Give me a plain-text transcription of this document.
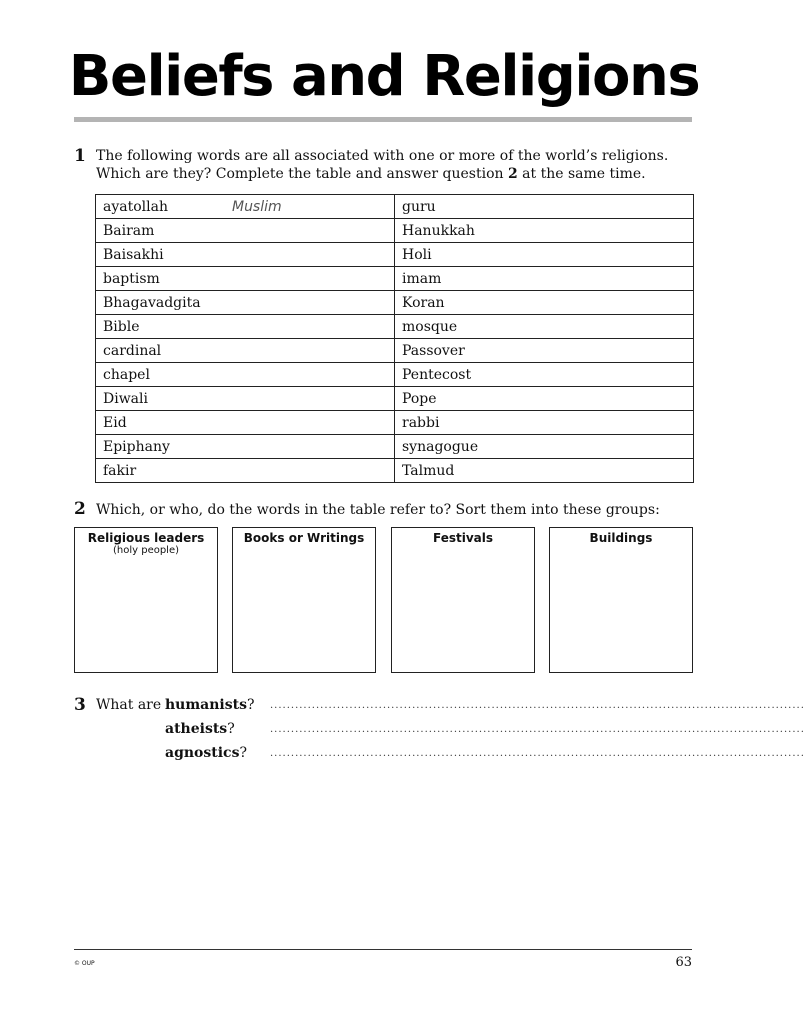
Beliefs and Religions
1 The following words are all associated with one or more of the world’s religions.
Which are they? Complete the table and answer question 2 at the same time.
ayatollah Muslim	guru
Bairam	Hanukkah
Baisakhi	Holi
baptism	imam
Bhagavadgita	Koran
Bible	mosque
cardinal	Passover
chapel	Pentecost
Diwali	Pope
Eid	rabbi
Epiphany	synagogue
fakir	Talmud
2 Which, or who, do the words in the table refer to? Sort them into these groups:
Religious leaders
(holy people)
Books or Writings	Festivals	Buildings
3 What are humanists? ................................................................................................................................
atheists?	................................................................................................................................
agnostics? ................................................................................................................................
© OUP	63
